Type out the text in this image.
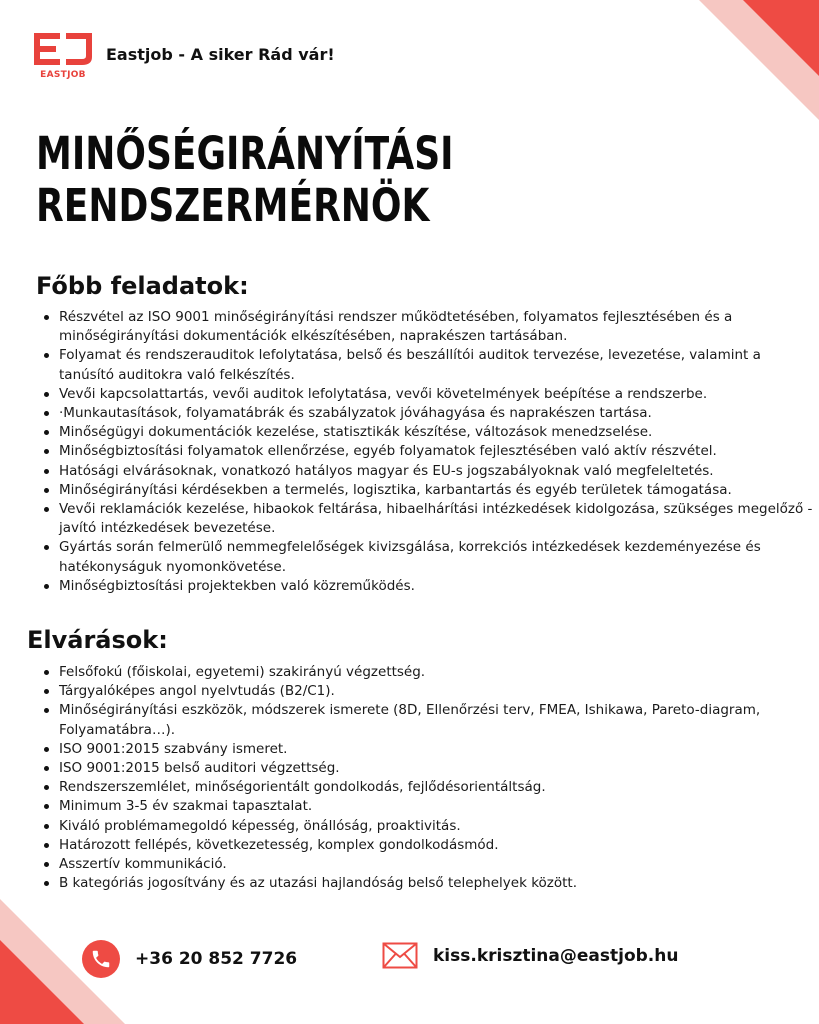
EASTJOB
Eastjob - A siker Rád vár!
MINŐSÉGIRÁNYÍTÁSI
RENDSZERMÉRNÖK
Főbb feladatok:
Részvétel az ISO 9001 minőségirányítási rendszer működtetésében, folyamatos fejlesztésében és a minőségirányítási dokumentációk elkészítésében, naprakészen tartásában.
Folyamat és rendszerauditok lefolytatása, belső és beszállítói auditok tervezése, levezetése, valamint a tanúsító auditokra való felkészítés.
Vevői kapcsolattartás, vevői auditok lefolytatása, vevői követelmények beépítése a rendszerbe.
·Munkautasítások, folyamatábrák és szabályzatok jóváhagyása és naprakészen tartása.
Minőségügyi dokumentációk kezelése, statisztikák készítése, változások menedzselése.
Minőségbiztosítási folyamatok ellenőrzése, egyéb folyamatok fejlesztésében való aktív részvétel.
Hatósági elvárásoknak, vonatkozó hatályos magyar és EU-s jogszabályoknak való megfeleltetés.
Minőségirányítási kérdésekben a termelés, logisztika, karbantartás és egyéb területek támogatása.
Vevői reklamációk kezelése, hibaokok feltárása, hibaelhárítási intézkedések kidolgozása, szükséges megelőző -javító intézkedések bevezetése.
Gyártás során felmerülő nemmegfelelőségek kivizsgálása, korrekciós intézkedések kezdeményezése és hatékonyságuk nyomonkövetése.
Minőségbiztosítási projektekben való közreműködés.
Elvárások:
Felsőfokú (főiskolai, egyetemi) szakirányú végzettség.
Tárgyalóképes angol nyelvtudás (B2/C1).
Minőségirányítási eszközök, módszerek ismerete (8D, Ellenőrzési terv, FMEA, Ishikawa, Pareto-diagram, Folyamatábra…).
ISO 9001:2015 szabvány ismeret.
ISO 9001:2015 belső auditori végzettség.
Rendszerszemlélet, minőségorientált gondolkodás, fejlődésorientáltság.
Minimum 3-5 év szakmai tapasztalat.
Kiváló problémamegoldó képesség, önállóság, proaktivitás.
Határozott fellépés, következetesség, komplex gondolkodásmód.
Asszertív kommunikáció.
B kategóriás jogosítvány és az utazási hajlandóság belső telephelyek között.
+36 20 852 7726	kiss.krisztina@eastjob.hu
